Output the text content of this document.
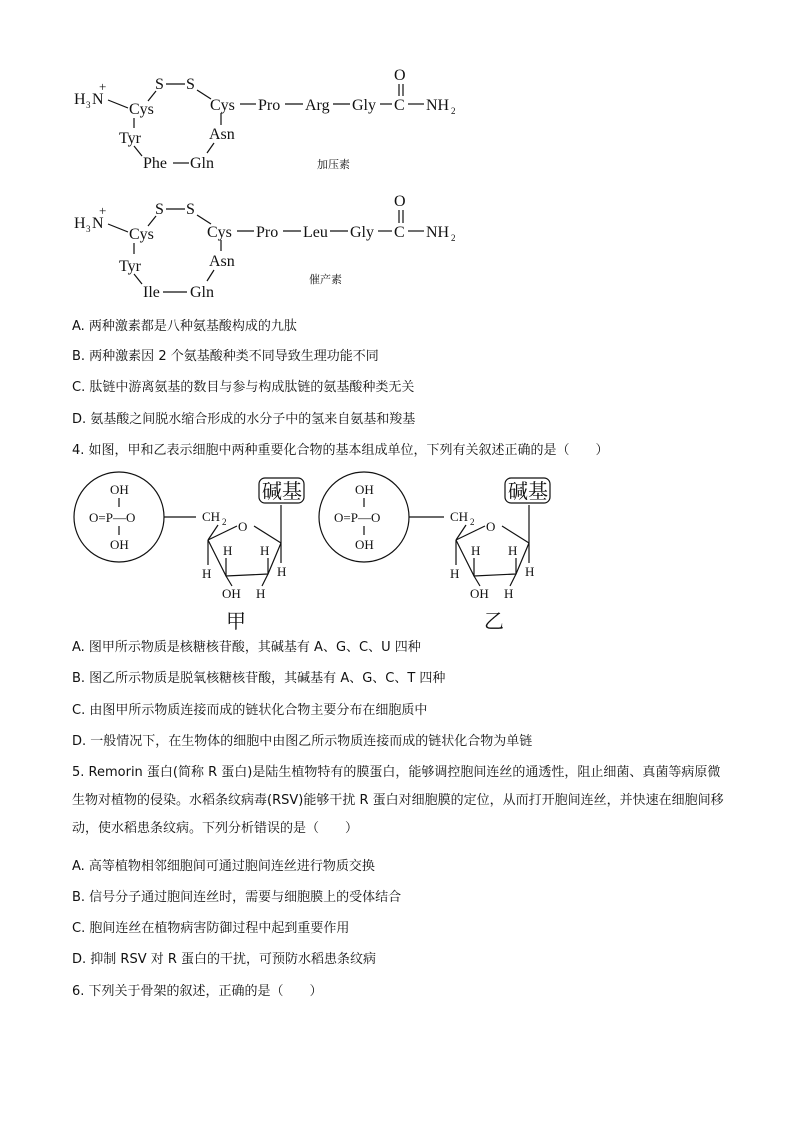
+
H 3 N
Cys
S S
Cys Pro Arg Gly C
O
NH 2
Asn
Tyr
Phe Gln	加压素
+
H 3 N
Cys
S S
Cys Pro Leu Gly C
O
NH 2
Asn
Tyr
Ile Gln
催产素
OH
O=P—O
OH
CH 2 O
碱基
H
H H
H
OH H
甲
OH
O=P—O
OH
CH 2 O
碱基
H
H H
H
OH H
乙
A. 两种激素都是八种氨基酸构成的九肽
B. 两种激素因 2 个氨基酸种类不同导致生理功能不同
C. 肽链中游离氨基的数目与参与构成肽链的氨基酸种类无关
D. 氨基酸之间脱水缩合形成的水分子中的氢来自氨基和羧基
4. 如图，甲和乙表示细胞中两种重要化合物的基本组成单位，下列有关叙述正确的是（　　）
A. 图甲所示物质是核糖核苷酸，其碱基有 A、G、C、U 四种
B. 图乙所示物质是脱氧核糖核苷酸，其碱基有 A、G、C、T 四种
C. 由图甲所示物质连接而成的链状化合物主要分布在细胞质中
D. 一般情况下，在生物体的细胞中由图乙所示物质连接而成的链状化合物为单链
5. Remorin 蛋白(简称 R 蛋白)是陆生植物特有的膜蛋白，能够调控胞间连丝的通透性，阻止细菌、真菌等病原微生物对植物的侵染。水稻条纹病毒(RSV)能够干扰 R 蛋白对细胞膜的定位，从而打开胞间连丝，并快速在细胞间移动，使水稻患条纹病。下列分析错误的是（　　）
A. 高等植物相邻细胞间可通过胞间连丝进行物质交换
B. 信号分子通过胞间连丝时，需要与细胞膜上的受体结合
C. 胞间连丝在植物病害防御过程中起到重要作用
D. 抑制 RSV 对 R 蛋白的干扰，可预防水稻患条纹病
6. 下列关于骨架的叙述，正确的是（　　）
